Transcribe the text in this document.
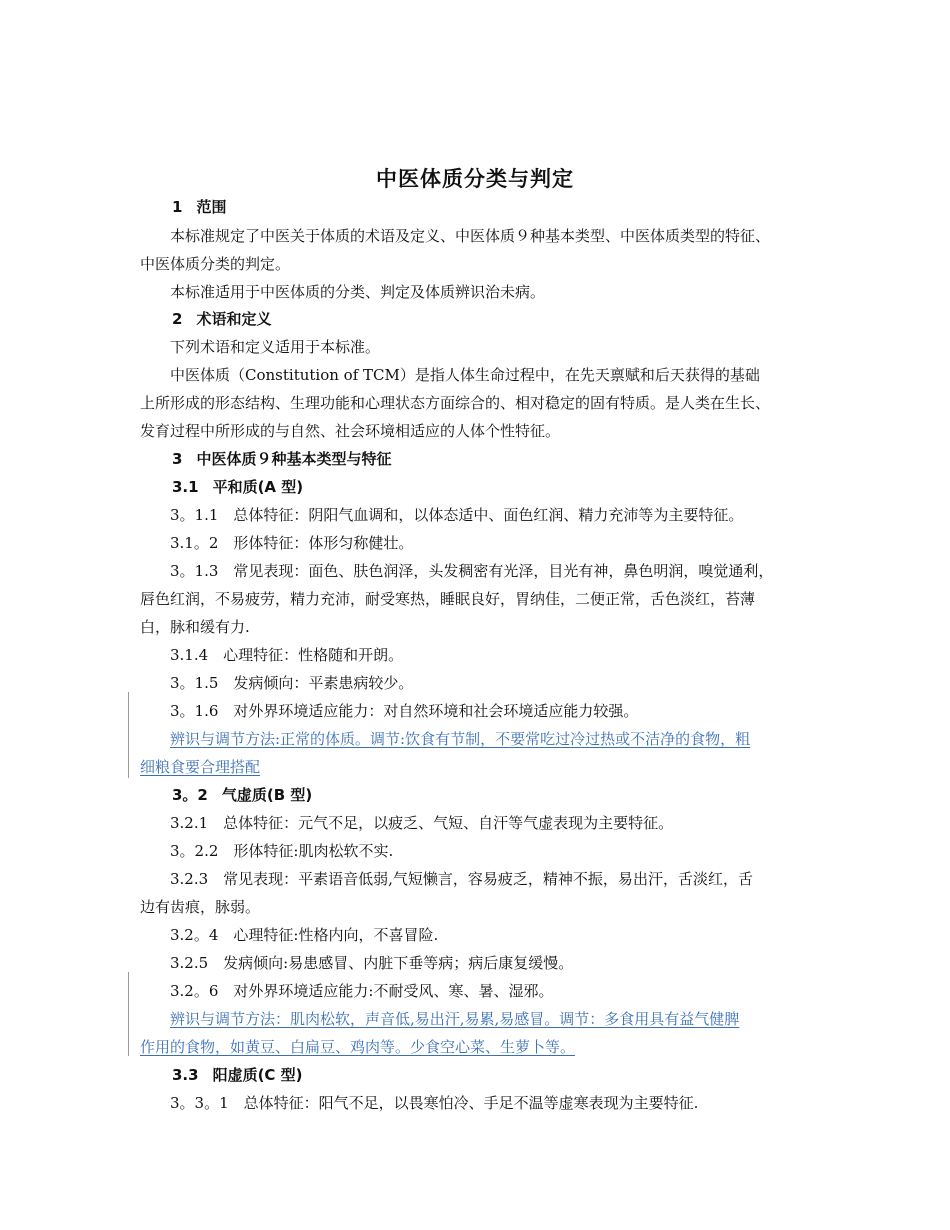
中医体质分类与判定
1 范围
本标准规定了中医关于体质的术语及定义、中医体质９种基本类型、中医体质类型的特征、
中医体质分类的判定。
本标准适用于中医体质的分类、判定及体质辨识治未病。
2 术语和定义
下列术语和定义适用于本标准。
中医体质（Constitution of TCM）是指人体生命过程中，在先天禀赋和后天获得的基础
上所形成的形态结构、生理功能和心理状态方面综合的、相对稳定的固有特质。是人类在生长、
发育过程中所形成的与自然、社会环境相适应的人体个性特征。
3 中医体质９种基本类型与特征
3.1 平和质(A 型)
3。1.1　总体特征：阴阳气血调和，以体态适中、面色红润、精力充沛等为主要特征。
3.1。2　形体特征：体形匀称健壮。
3。1.3　常见表现：面色、肤色润泽，头发稠密有光泽，目光有神，鼻色明润，嗅觉通利，
唇色红润，不易疲劳，精力充沛，耐受寒热，睡眠良好，胃纳佳，二便正常，舌色淡红，苔薄
白，脉和缓有力.
3.1.4　心理特征：性格随和开朗。
3。1.5　发病倾向：平素患病较少。
3。1.6　对外界环境适应能力：对自然环境和社会环境适应能力较强。
辨识与调节方法:正常的体质。调节:饮食有节制，不要常吃过冷过热或不洁净的食物，粗
细粮食要合理搭配
3。2 气虚质(B 型)
3.2.1　总体特征：元气不足，以疲乏、气短、自汗等气虚表现为主要特征。
3。2.2　形体特征:肌肉松软不实.
3.2.3　常见表现：平素语音低弱,气短懒言，容易疲乏，精神不振，易出汗，舌淡红，舌
边有齿痕，脉弱。
3.2。4　心理特征:性格内向，不喜冒险.
3.2.5　发病倾向:易患感冒、内脏下垂等病；病后康复缓慢。
3.2。6　对外界环境适应能力:不耐受风、寒、暑、湿邪。
辨识与调节方法：肌肉松软，声音低,易出汗,易累,易感冒。调节：多食用具有益气健脾
作用的食物，如黄豆、白扁豆、鸡肉等。少食空心菜、生萝卜等。
3.3 阳虚质(C 型)
3。3。1　总体特征：阳气不足，以畏寒怕冷、手足不温等虚寒表现为主要特征.
